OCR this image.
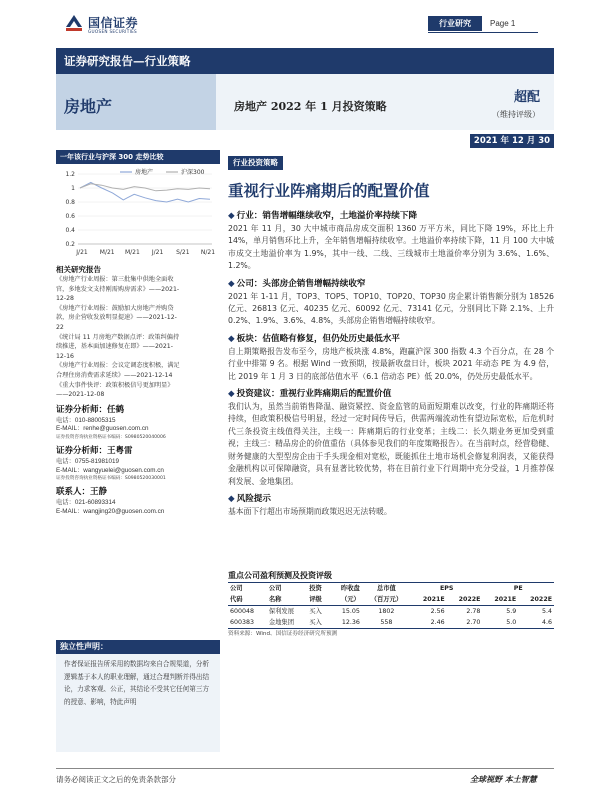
国信证券
GUOSEN SECURITIES
行业研究	Page 1
证券研究报告—行业策略
房地产	房地产 2022 年 1 月投资策略
超配
（维持评级）
2021 年 12 月 30 日
一年该行业与沪深 300 走势比较
1.2
1
0.8
0.6
0.4
0.2
J/21 M/21 M/21 J/21 S/21 N/21
房地产	沪深300
相关研究报告
《房地产行业周报：第三批集中供地全面收
官，多地发文支持刚需购房需求》——2021-
12-28
《房地产行业周报：鼓励加大房地产并购贷
款，房企营收发放明显提速》——2021-12-
22
《统计局 11 月房地产数据点评：政策纠偏持
续推进，基本面加速修复在即》——2021-
12-16
《房地产行业周报：会议定调态度积极，满足
合理住房消费需求延续》——2021-12-14
《重大事件快评：政策积极信号更加明显》
——2021-12-08
证券分析师：任鹤
电话：010-88005315
E-MAIL：renhe@guosen.com.cn
证券投资咨询执业资格证书编码：S0980520040006
证券分析师：王粤雷
电话：0755-81981019
E-MAIL：wangyuelei@guosen.com.cn
证券投资咨询执业资格证书编码：S0980520030001
联系人：王静
电话：021-60893314
E-MAIL：wangjing20@guosen.com.cn
独立性声明：
作者保证报告所采用的数据均来自合规渠道，分析逻辑基于本人的职业理解，通过合理判断并得出结论，力求客观、公正，其结论不受其它任何第三方的授意、影响，特此声明
行业投资策略
重视行业阵痛期后的配置价值
◆ 行业：销售增幅继续收窄，土地溢价率持续下降
2021 年 11 月，30 大中城市商品房成交面积 1360 万平方米，同比下降 19%，环比上升 14%，单月销售环比上升，全年销售增幅持续收窄。土地溢价率持续下降，11 月 100 大中城市成交土地溢价率为 1.9%，其中一线、二线、三线城市土地溢价率分别为 3.6%、1.6%、1.2%。
◆ 公司：头部房企销售增幅持续收窄
2021 年 1-11 月，TOP3、TOP5、TOP10、TOP20、TOP30 房企累计销售额分别为 18526 亿元、26813 亿元、40235 亿元、60092 亿元、73141 亿元，分别同比下降 2.1%、上升 0.2%、1.9%、3.6%、4.8%，头部房企销售增幅持续收窄。
◆ 板块：估值略有修复，但仍处历史最低水平
自上期策略报告发布至今，房地产板块涨 4.8%，跑赢沪深 300 指数 4.3 个百分点，在 28 个行业中排第 9 名。根据 Wind 一致预期，按最新收盘日计，板块 2021 年动态 PE 为 4.9 倍，比 2019 年 1 月 3 日的底部估值水平（6.1 倍动态 PE）低 20.0%，仍处历史最低水平。
◆ 投资建议：重视行业阵痛期后的配置价值
我们认为，虽然当前销售降温、融资紧控、资金监管的局面短期难以改变，行业的阵痛期还将持续，但政策积极信号明显，经过一定时间传导后，供需两端流动性有望边际宽松，后危机时代三条投资主线值得关注，主线一：阵痛期后的行业变革；主线二：长久期业务更加受到重视；主线三：精品房企的价值重估（具体参见我们的年度策略报告）。在当前时点，经营稳健、财务健康的大型型房企由于手头现金相对宽松，既能抓住土地市场机会修复利润表，又能获得金融机构以可保障融资，具有显著比较优势，将在目前行业下行周期中充分受益，1 月推荐保利发展、金地集团。
◆ 风险提示
基本面下行超出市场预期而政策迟迟无法转暖。
重点公司盈利预测及投资评级
公司	公司	投资	昨收盘	总市值	EPS		PE	
代码	名称	评级	（元）	（百万元）	2021E	2022E	2021E	2022E
600048	保利发展	买入	15.05	1802	2.56	2.78	5.9	5.4
600383	金地集团	买入	12.36	558	2.46	2.70	5.0	4.6
资料来源：Wind、国信证券经济研究所预测
请务必阅读正文之后的免责条款部分	全球视野 本土智慧
